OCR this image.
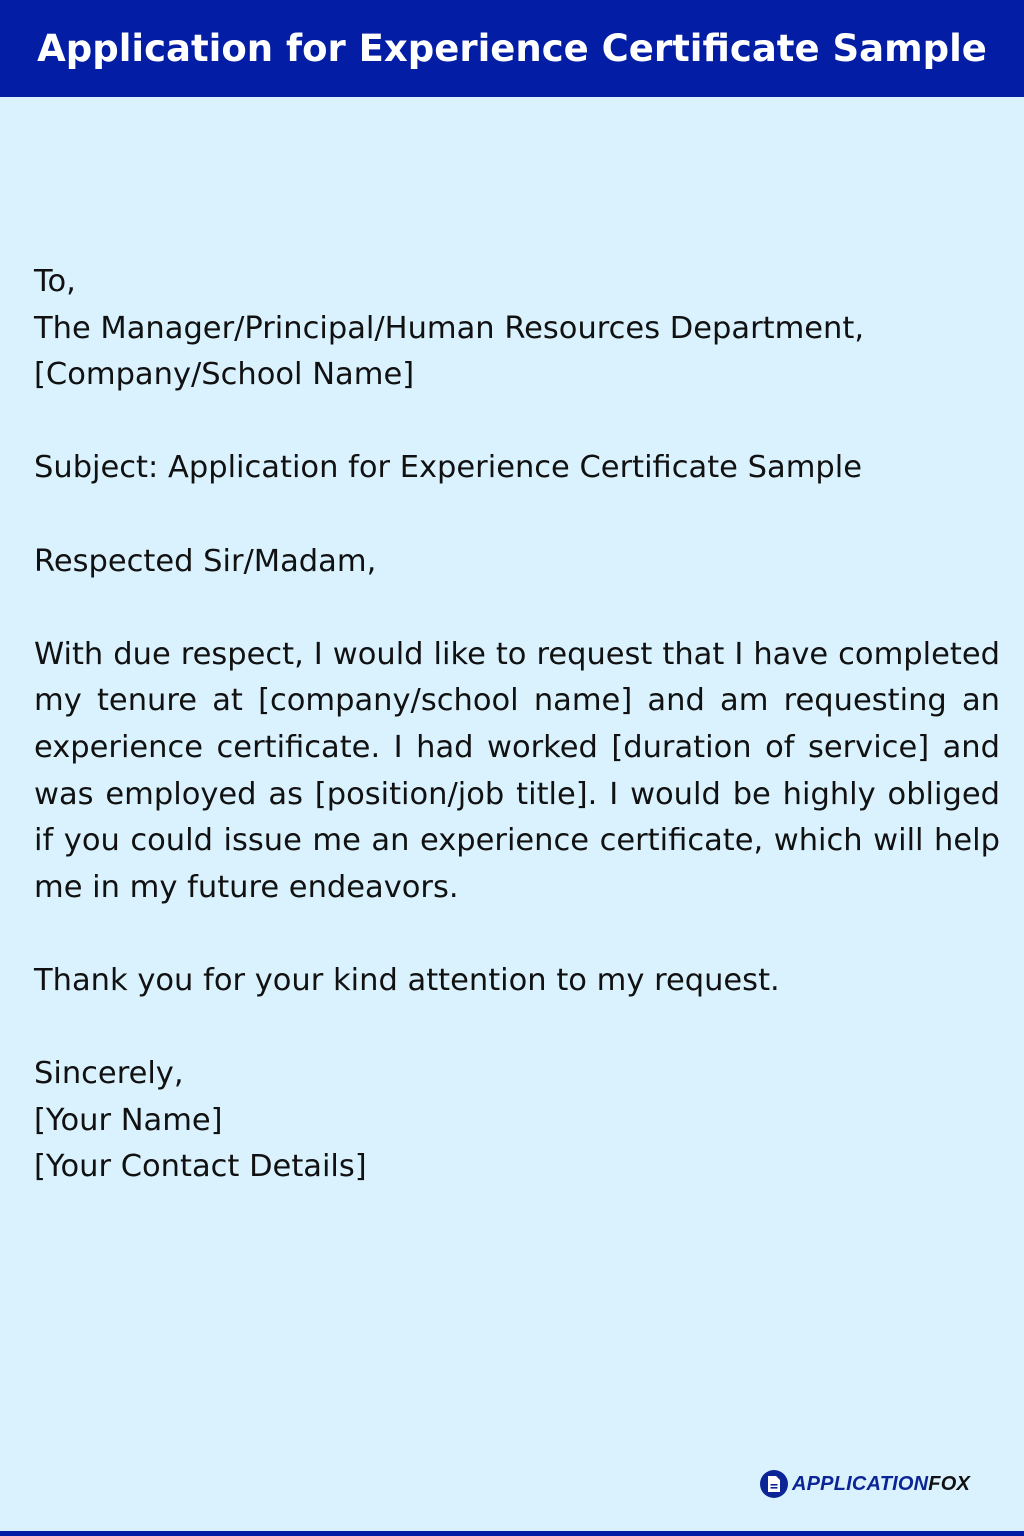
Application for Experience Certificate Sample
To,
The Manager/Principal/Human Resources Department,
[Company/School Name]
Subject: Application for Experience Certificate Sample
Respected Sir/Madam,

With due respect, I would like to request that I have completed my tenure at [company/school name] and am requesting an experience certificate. I had worked [duration of service] and was employed as [position/job title]. I would be highly obliged if you could issue me an experience certificate, which will help me in my future endeavors.

Thank you for your kind attention to my request.
Sincerely,
[Your Name]
[Your Contact Details]
APPLICATIONFOX
